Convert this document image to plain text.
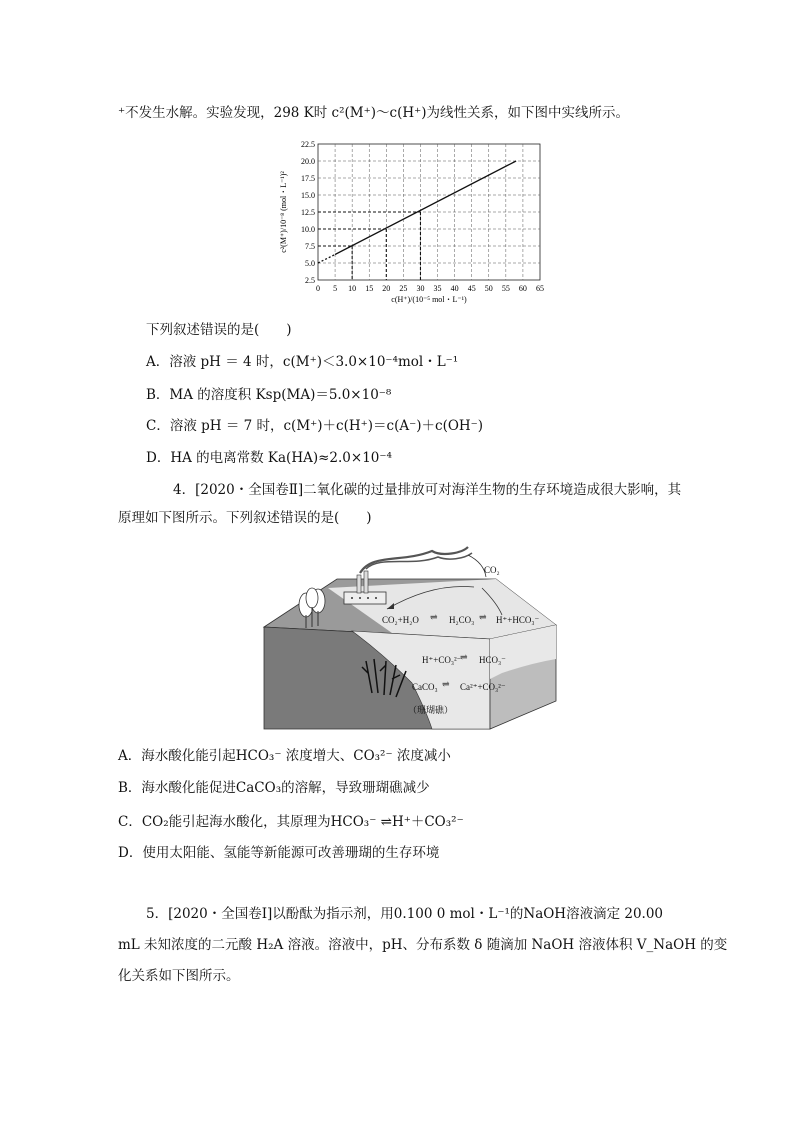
⁺不发生水解。实验发现，298 K时 c²(M⁺)～c(H⁺)为线性关系，如下图中实线所示。
0 5 10 15 20 25 30 35 40 45 50 55 60 65
2.5
5.0
7.5
10.0
12.5
15.0
17.5
20.0
22.5
c(H⁺)/(10⁻⁵ mol・L⁻¹)
c²(M⁺)/10⁻⁸ (mol・L⁻¹)²
下列叙述错误的是(　　)
A．溶液 pH ＝ 4 时，c(M⁺)＜3.0×10⁻⁴mol・L⁻¹
B．MA 的溶度积 Ksp(MA)＝5.0×10⁻⁸
C．溶液 pH ＝ 7 时，c(M⁺)＋c(H⁺)＝c(A⁻)＋c(OH⁻)
D．HA 的电离常数 Ka(HA)≈2.0×10⁻⁴
4．[2020・全国卷Ⅱ]二氧化碳的过量排放可对海洋生物的生存环境造成很大影响，其
原理如下图所示。下列叙述错误的是(　　)
CO₂
CO₂+H₂O ⇌ H₂CO₃ ⇌ H⁺+HCO₃⁻
H⁺+CO₃²⁻
⇌ HCO₃⁻
CaCO₃ ⇌ Ca²⁺+CO₃²⁻
（珊瑚礁）
A．海水酸化能引起HCO₃⁻ 浓度增大、CO₃²⁻ 浓度减小
B．海水酸化能促进CaCO₃的溶解，导致珊瑚礁减少
C．CO₂能引起海水酸化，其原理为HCO₃⁻ ⇌H⁺＋CO₃²⁻
D．使用太阳能、氢能等新能源可改善珊瑚的生存环境
5．[2020・全国卷Ⅰ]以酚酞为指示剂，用0.100 0 mol・L⁻¹的NaOH溶液滴定 20.00
mL 未知浓度的二元酸 H₂A 溶液。溶液中，pH、分布系数 δ 随滴加 NaOH 溶液体积 V_NaOH 的变
化关系如下图所示。
